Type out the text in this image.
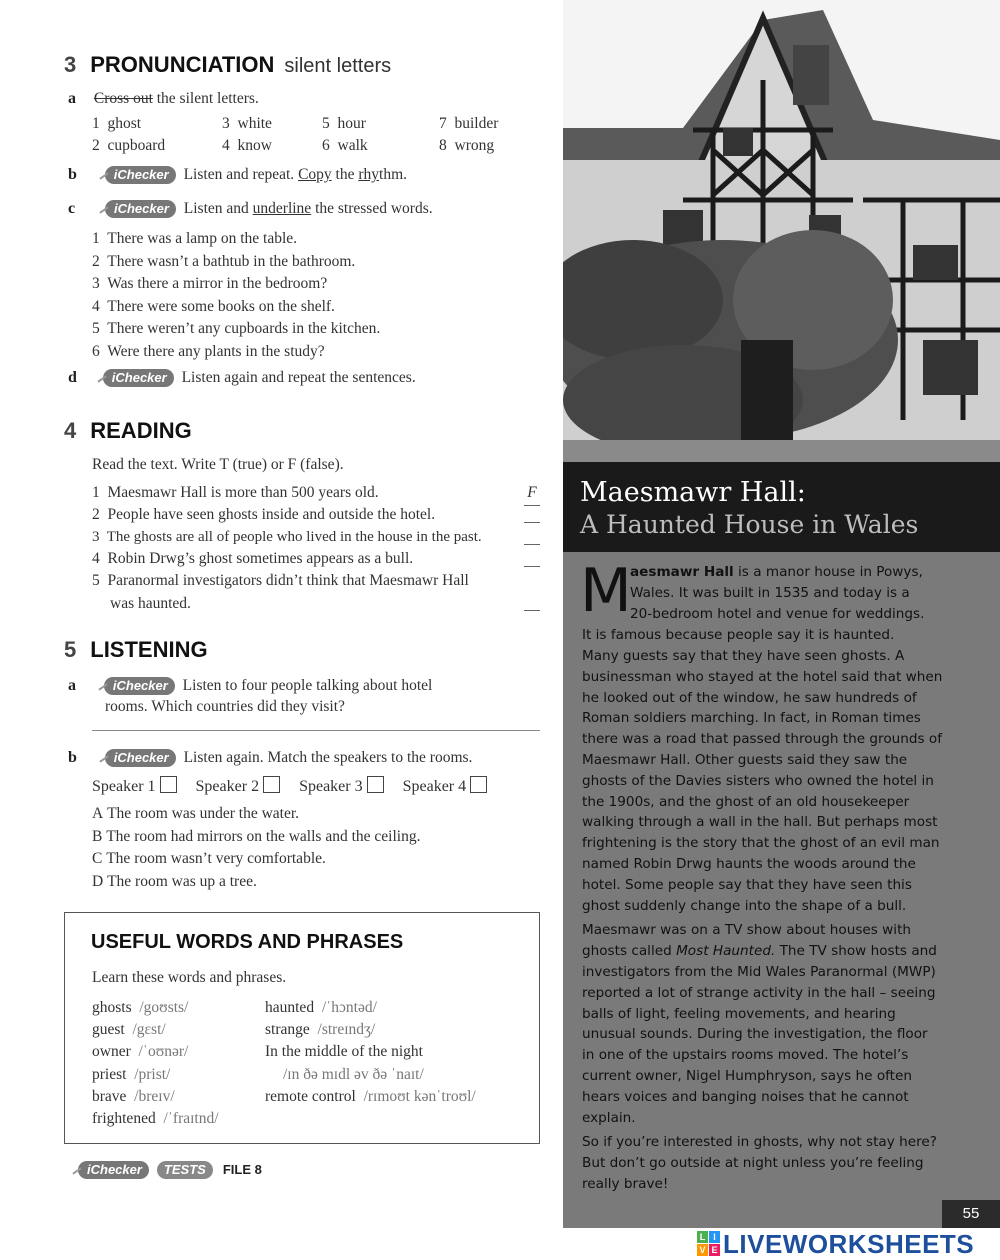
3 PRONUNCIATION silent letters
a Cross out the silent letters.
1 ghost	3 white	5 hour	7 builder
2 cupboard	4 know	6 walk	8 wrong
b	iChecker Listen and repeat. Copy the rhythm.
c	iChecker Listen and underline the stressed words.
1 There was a lamp on the table.
2 There wasn’t a bathtub in the bathroom.
3 Was there a mirror in the bedroom?
4 There were some books on the shelf.
5 There weren’t any cupboards in the kitchen.
6 Were there any plants in the study?
d	iChecker Listen again and repeat the sentences.
4 READING
Read the text. Write T (true) or F (false).
1 Maesmawr Hall is more than 500 years old.	F
2 People have seen ghosts inside and outside the hotel.
3 The ghosts are all of people who lived in the house in the past.
4 Robin Drwg’s ghost sometimes appears as a bull.
5 Paranormal investigators didn’t think that Maesmawr Hall
was haunted.
5 LISTENING
a	iChecker Listen to four people talking about hotel
rooms. Which countries did they visit?
b	iChecker Listen again. Match the speakers to the rooms.
Speaker 1	Speaker 2	Speaker 3	Speaker 4
A The room was under the water.
B The room had mirrors on the walls and the ceiling.
C The room wasn’t very comfortable.
D The room was up a tree.
USEFUL WORDS AND PHRASES
Learn these words and phrases.
ghosts /goʊsts/
guest /gɛst/
owner /ˈoʊnər/
priest /prist/
brave /breɪv/
frightened /ˈfraɪtnd/
haunted /ˈhɔntəd/
strange /streɪndʒ/
In the middle of the night
/ɪn ðə mɪdl əv ðə ˈnaɪt/
remote control /rɪmoʊt kənˈtroʊl/
iChecker TESTS FILE 8
Maesmawr Hall:
A Haunted House in Wales
M
aesmawr Hall is a manor house in Powys,
Wales. It was built in 1535 and today is a
20-bedroom hotel and venue for weddings.
It is famous because people say it is haunted.

Many guests say that they have seen ghosts. A businessman who stayed at the hotel said that when he looked out of the window, he saw hundreds of Roman soldiers marching. In fact, in Roman times there was a road that passed through the grounds of Maesmawr Hall. Other guests said they saw the ghosts of the Davies sisters who owned the hotel in the 1900s, and the ghost of an old housekeeper walking through a wall in the hall. But perhaps most frightening is the story that the ghost of an evil man named Robin Drwg haunts the woods around the hotel. Some people say that they have seen this ghost suddenly change into the shape of a bull.

Maesmawr was on a TV show about houses with ghosts called Most Haunted. The TV show hosts and investigators from the Mid Wales Paranormal (MWP) reported a lot of strange activity in the hall – seeing balls of light, feeling movements, and hearing unusual sounds. During the investigation, the floor in one of the upstairs rooms moved. The hotel’s current owner, Nigel Humphryson, says he often hears voices and banging noises that he cannot explain.

So if you’re interested in ghosts, why not stay here? But don’t go outside at night unless you’re feeling really brave!

55
L I
V E LIVEWORKSHEETS
